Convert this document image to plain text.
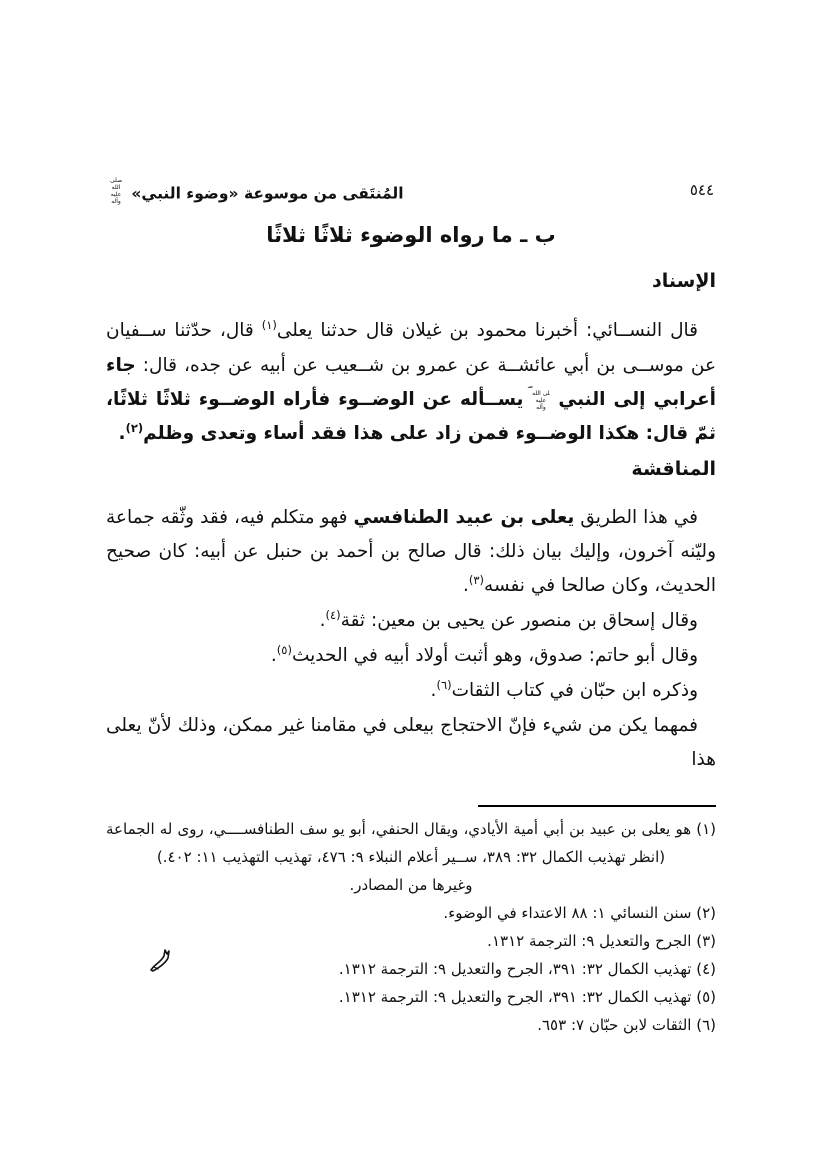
٥٤٤
المُنتَقى من موسوعة «وضوء النبي» صلى الله عليه وآله
ب ـ ما رواه الوضوء ثلاثًا ثلاثًا
الإسناد

قال النســائي: أخبرنا محمود بن غيلان قال حدثنا يعلى$^{(١)}$ قال، حدّثنا ســفيان عن موســى بن أبي عائشــة عن عمرو بن شــعيب عن أبيه عن جده، قال: جاء أعرابي إلى النبي صلى الله عليه وآله يســأله عن الوضــوء فأراه الوضــوء ثلاثًا ثلاثًا، ثمّ قال: هكذا الوضــوء فمن زاد على هذا فقد أساء وتعدى وظلم$^{(٢)}$.

المناقشة

في هذا الطريق يعلى بن عبيد الطنافسي فهو متكلم فيه، فقد وثّقه جماعة وليّنه آخرون، وإليك بيان ذلك: قال صالح بن أحمد بن حنبل عن أبيه: كان صحيح الحديث، وكان صالحا في نفسه$^{(٣)}$.

وقال إسحاق بن منصور عن يحيى بن معين: ثقة$^{(٤)}$.

وقال أبو حاتم: صدوق، وهو أثبت أولاد أبيه في الحديث$^{(٥)}$.

وذكره ابن حبّان في كتاب الثقات$^{(٦)}$.

فمهما يكن من شيء فإنّ الاحتجاج بيعلى في مقامنا غير ممكن، وذلك لأنّ يعلى هذا

(١) هو يعلى بن عبيد بن أبي أمية الأيادي، ويقال الحنفي، أبو يو سف الطنافســــي، روى له الجماعة

(انظر تهذيب الكمال ٣٢: ٣٨٩، ســير أعلام النبلاء ٩: ٤٧٦، تهذيب التهذيب ١١: ٤٠٢.)

وغيرها من المصادر.

(٢) سنن النسائي ١: ٨٨ الاعتداء في الوضوء.

(٣) الجرح والتعديل ٩: الترجمة ١٣١٢.

(٤) تهذيب الكمال ٣٢: ٣٩١، الجرح والتعديل ٩: الترجمة ١٣١٢.

(٥) تهذيب الكمال ٣٢: ٣٩١، الجرح والتعديل ٩: الترجمة ١٣١٢.

(٦) الثقات لابن حبّان ٧: ٦٥٣.
